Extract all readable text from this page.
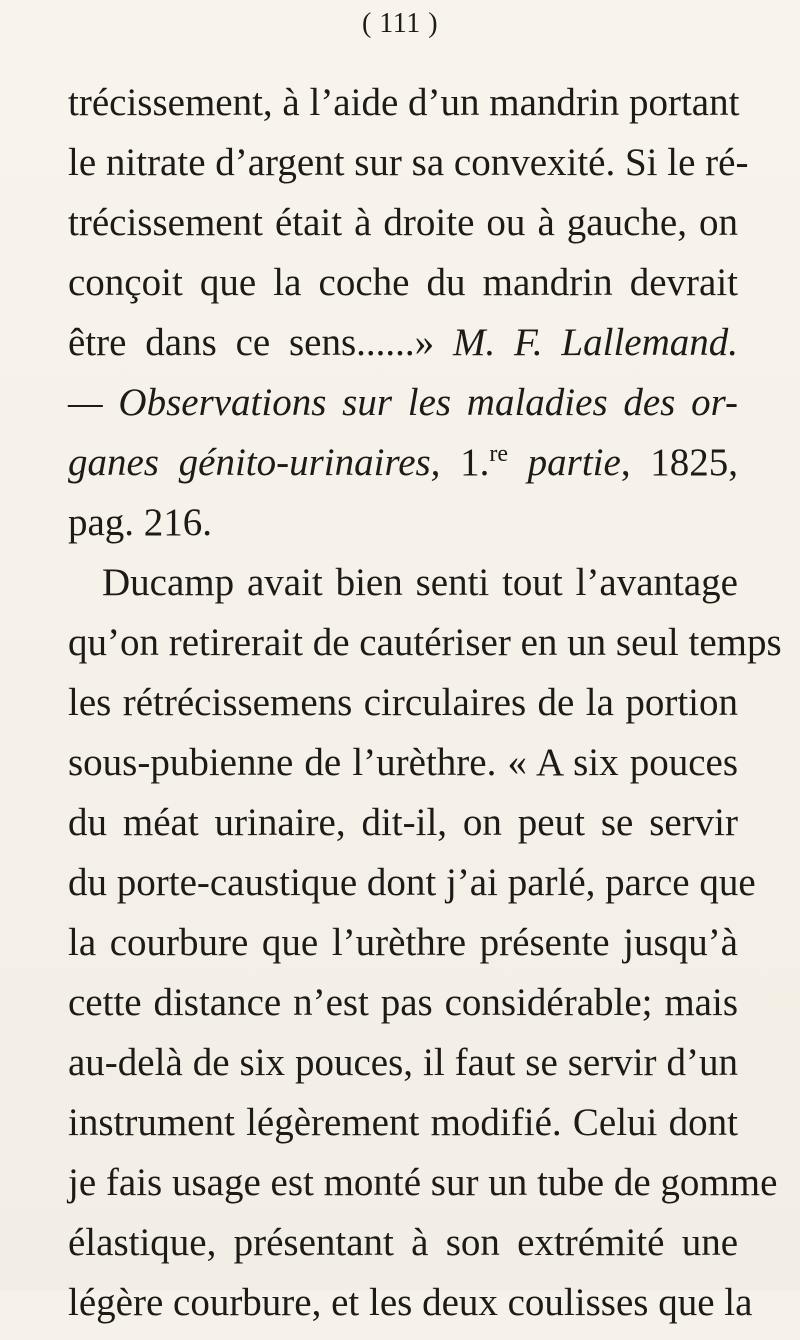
( 111 )
trécissement, à l’aide d’un mandrin portant
le nitrate d’argent sur sa convexité. Si le ré-
trécissement était à droite ou à gauche, on
conçoit que la coche du mandrin devrait
être dans ce sens......» M. F. Lallemand.
— Observations sur les maladies des or-
ganes génito-urinaires, 1.$^{re}$ partie, 1825,
pag. 216.
Ducamp avait bien senti tout l’avantage
qu’on retirerait de cautériser en un seul temps
les rétrécissemens circulaires de la portion
sous-pubienne de l’urèthre. « A six pouces
du méat urinaire, dit-il, on peut se servir
du porte-caustique dont j’ai parlé, parce que
la courbure que l’urèthre présente jusqu’à
cette distance n’est pas considérable; mais
au-delà de six pouces, il faut se servir d’un
instrument légèrement modifié. Celui dont
je fais usage est monté sur un tube de gomme
élastique, présentant à son extrémité une
légère courbure, et les deux coulisses que la
